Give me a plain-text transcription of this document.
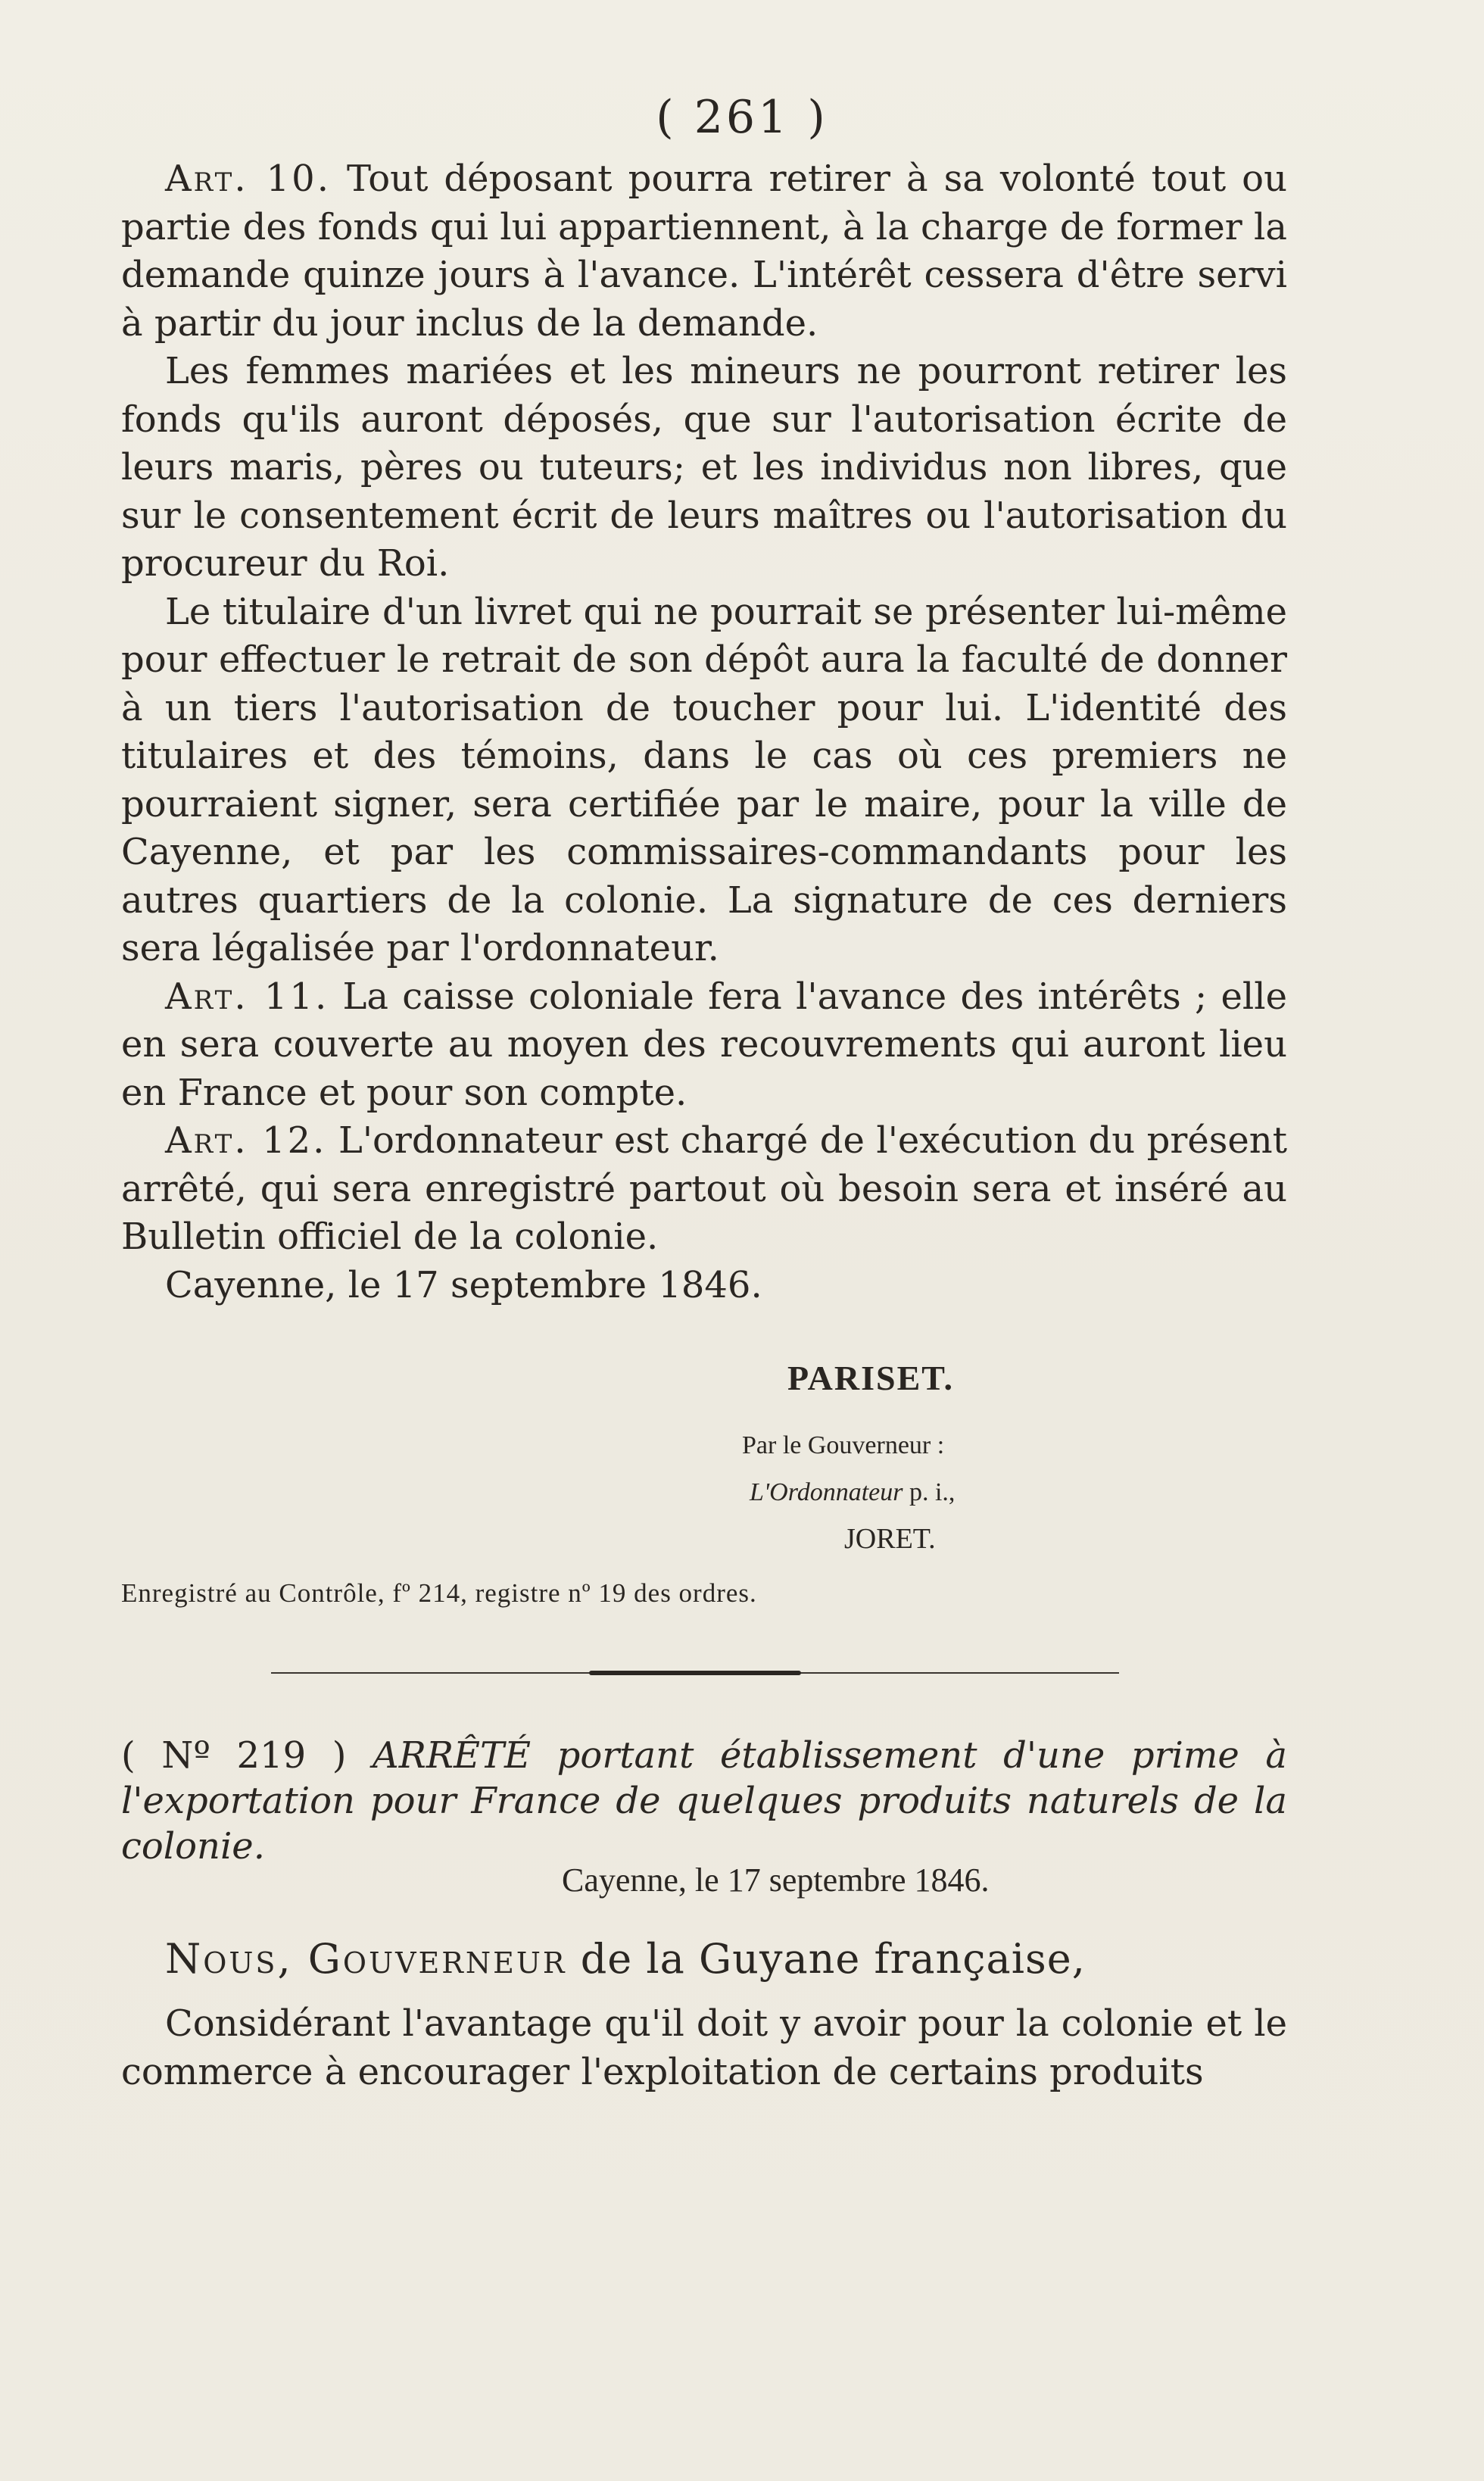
( 261 )

Art. 10. Tout déposant pourra retirer à sa volonté tout ou partie des fonds qui lui appartiennent, à la charge de former la demande quinze jours à l'avance. L'intérêt cessera d'être servi à partir du jour inclus de la demande.

Les femmes mariées et les mineurs ne pourront retirer les fonds qu'ils auront déposés, que sur l'autorisation écrite de leurs maris, pères ou tuteurs; et les individus non libres, que sur le consentement écrit de leurs maîtres ou l'autorisation du procureur du Roi.

Le titulaire d'un livret qui ne pourrait se présenter lui-même pour effectuer le retrait de son dépôt aura la faculté de donner à un tiers l'autorisation de toucher pour lui. L'identité des titulaires et des témoins, dans le cas où ces premiers ne pourraient signer, sera certifiée par le maire, pour la ville de Cayenne, et par les commissaires-commandants pour les autres quartiers de la colonie. La signature de ces derniers sera légalisée par l'ordonnateur.

Art. 11. La caisse coloniale fera l'avance des intérêts ; elle en sera couverte au moyen des recouvrements qui auront lieu en France et pour son compte.

Art. 12. L'ordonnateur est chargé de l'exécution du présent arrêté, qui sera enregistré partout où besoin sera et inséré au Bulletin officiel de la colonie.

Cayenne, le 17 septembre 1846.

PARISET.
Par le Gouverneur :
L'Ordonnateur p. i.,
JORET.
Enregistré au Contrôle, fº 214, registre nº 19 des ordres.
( Nº 219 ) ARRÊTÉ portant établissement d'une prime à l'exportation pour France de quelques produits naturels de la colonie.
Cayenne, le 17 septembre 1846.
Nous, Gouverneur de la Guyane française,

Considérant l'avantage qu'il doit y avoir pour la colonie et le commerce à encourager l'exploitation de certains produits
